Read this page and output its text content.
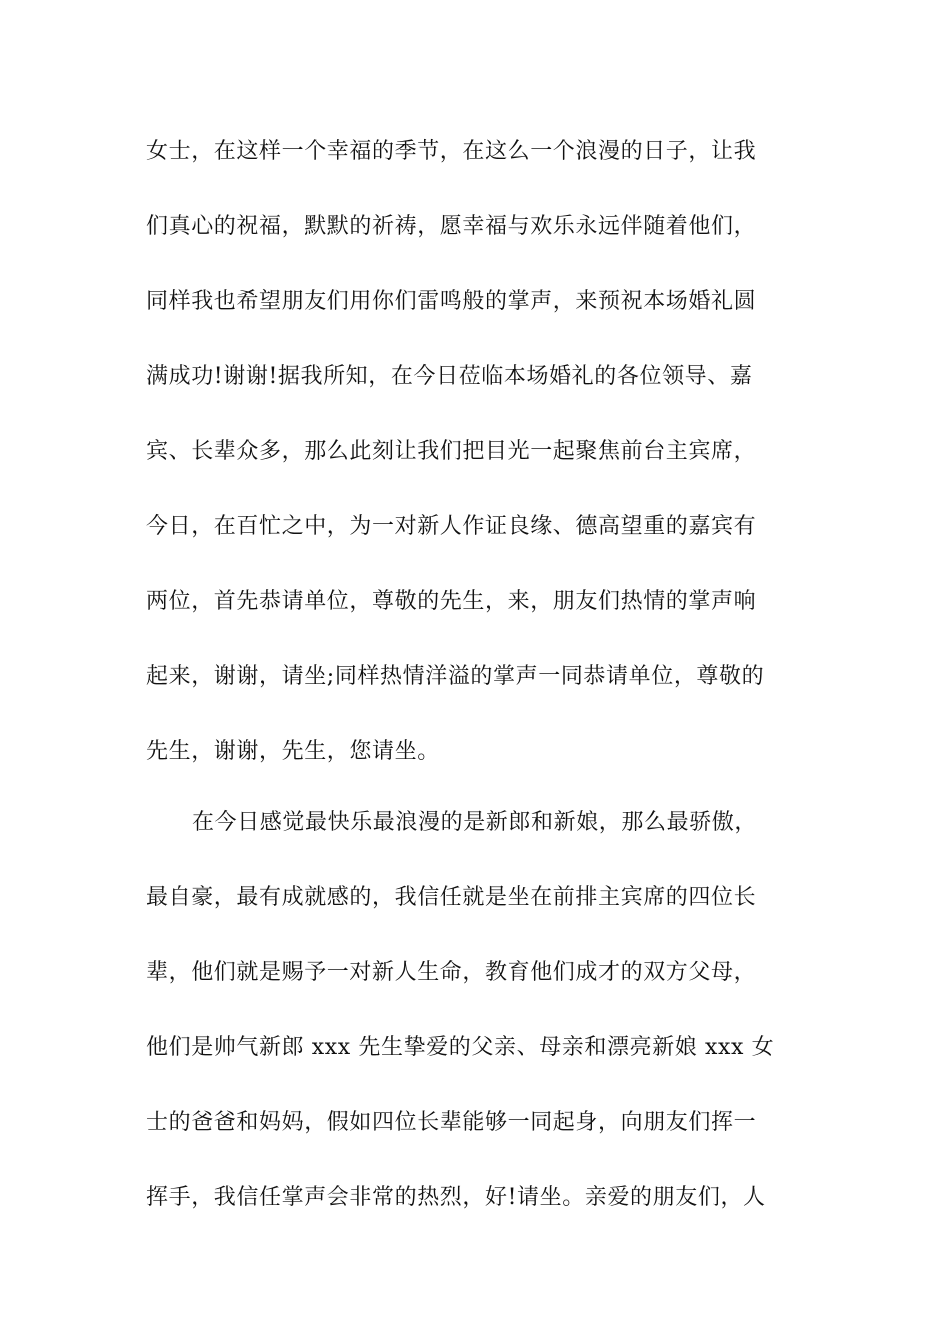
女士，在这样一个幸福的季节，在这么一个浪漫的日子，让我

们真心的祝福，默默的祈祷，愿幸福与欢乐永远伴随着他们，

同样我也希望朋友们用你们雷鸣般的掌声，来预祝本场婚礼圆

满成功!谢谢!据我所知，在今日莅临本场婚礼的各位领导、嘉

宾、长辈众多，那么此刻让我们把目光一起聚焦前台主宾席，

今日，在百忙之中，为一对新人作证良缘、德高望重的嘉宾有

两位，首先恭请单位，尊敬的先生，来，朋友们热情的掌声响

起来，谢谢，请坐;同样热情洋溢的掌声一同恭请单位，尊敬的

先生，谢谢，先生，您请坐。

在今日感觉最快乐最浪漫的是新郎和新娘，那么最骄傲，

最自豪，最有成就感的，我信任就是坐在前排主宾席的四位长

辈，他们就是赐予一对新人生命，教育他们成才的双方父母，

他们是帅气新郎 xxx 先生挚爱的父亲、母亲和漂亮新娘 xxx 女

士的爸爸和妈妈，假如四位长辈能够一同起身，向朋友们挥一

挥手，我信任掌声会非常的热烈，好!请坐。亲爱的朋友们，人
